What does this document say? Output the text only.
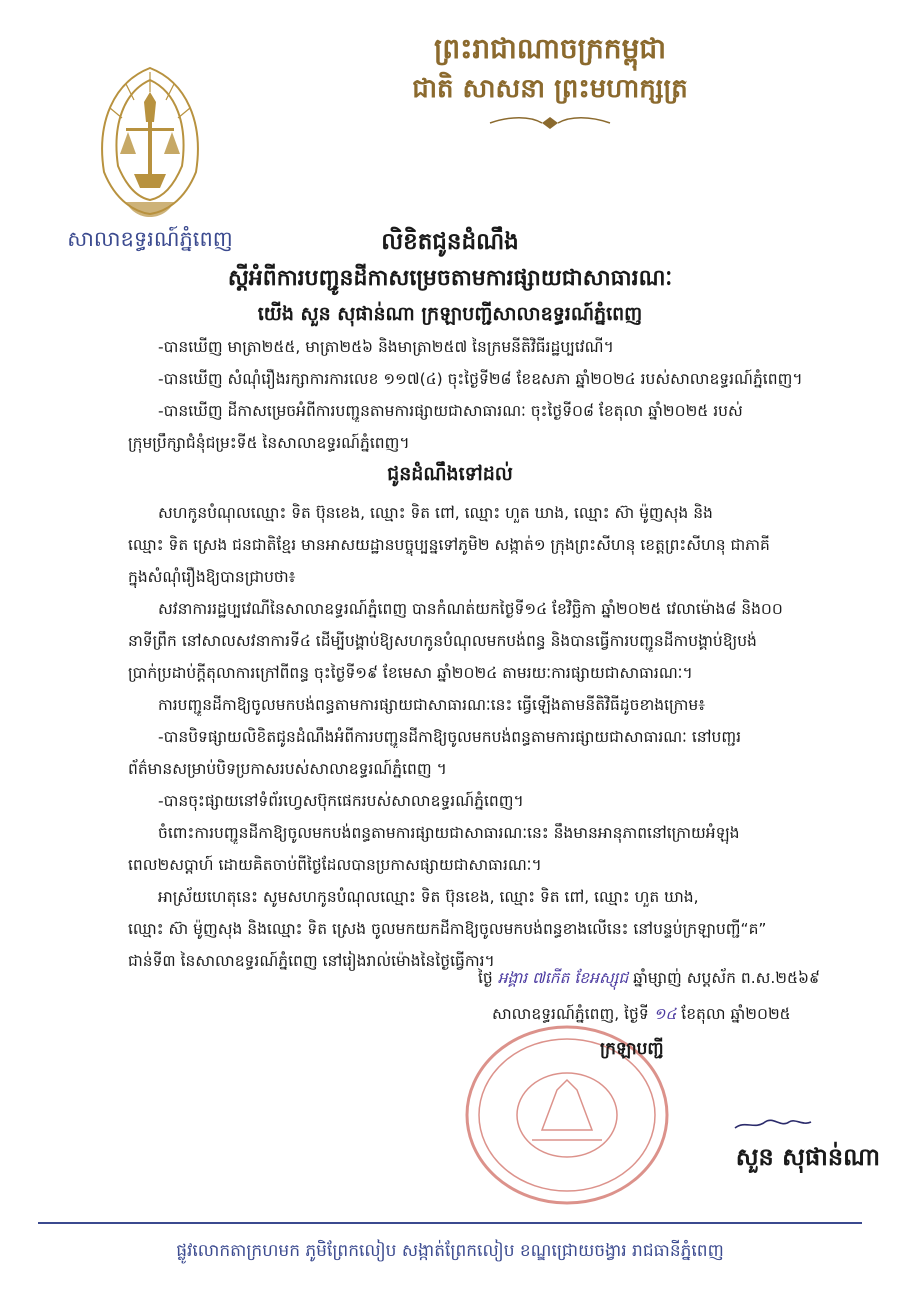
សាលាឧទ្ធរណ៍ភ្នំពេញ
ព្រះរាជាណាចក្រកម្ពុជា
ជាតិ សាសនា ព្រះមហាក្សត្រ
លិខិតជូនដំណឹង
ស្តីអំពីការបញ្ជូនដីកាសម្រេចតាមការផ្សាយជាសាធារណៈ
យើង សួន សុផាន់ណា ក្រឡាបញ្ជីសាលាឧទ្ធរណ៍ភ្នំពេញ
-បានឃើញ មាត្រា២៥៥, មាត្រា២៥៦ និងមាត្រា២៥៧ នៃក្រមនីតិវិធីរដ្ឋប្បវេណី។
-បានឃើញ សំណុំរឿងរក្សាការការលេខ ១១៧(៤) ចុះថ្ងៃទី២៨ ខែឧសភា ឆ្នាំ២០២៤ របស់សាលាឧទ្ធរណ៍ភ្នំពេញ។
-បានឃើញ ដីកាសម្រេចអំពីការបញ្ជូនតាមការផ្សាយជាសាធារណៈ ចុះថ្ងៃទី០៨ ខែតុលា ឆ្នាំ២០២៥ របស់
ក្រុមប្រឹក្សាជំនុំជម្រះទី៥ នៃសាលាឧទ្ធរណ៍ភ្នំពេញ។
ជូនដំណឹងទៅដល់
សហកូនបំណុលឈ្មោះ ទិត ប៊ុនខេង, ឈ្មោះ ទិត ពៅ, ឈ្មោះ ហួត ឃាង, ឈ្មោះ ស៊ា ម៉ូញសុង និង
ឈ្មោះ ទិត ស្រេង ជនជាតិខ្មែរ មានអាសយដ្ឋានបច្ចុប្បន្នទៅភូមិ២ សង្កាត់១ ក្រុងព្រះសីហនុ ខេត្តព្រះសីហនុ ជាភាគី
ក្នុងសំណុំរឿងឱ្យបានជ្រាបថា៖
សវនាការរដ្ឋប្បវេណីនៃសាលាឧទ្ធរណ៍ភ្នំពេញ បានកំណត់យកថ្ងៃទី១៤ ខែវិច្ឆិកា ឆ្នាំ២០២៥ វេលាម៉ោង៨ និង០០
នាទីព្រឹក នៅសាលសវនាការទី៤ ដើម្បីបង្គាប់ឱ្យសហកូនបំណុលមកបង់ពន្ធ និងបានធ្វើការបញ្ជូនដីកាបង្គាប់ឱ្យបង់
ប្រាក់ប្រដាប់ក្តីតុលាការក្រៅពីពន្ធ ចុះថ្ងៃទី១៩ ខែមេសា ឆ្នាំ២០២៤ តាមរយៈការផ្សាយជាសាធារណៈ។
ការបញ្ជូនដីកាឱ្យចូលមកបង់ពន្ធតាមការផ្សាយជាសាធារណៈនេះ ធ្វើឡើងតាមនីតិវិធីដូចខាងក្រោម៖
-បានបិទផ្សាយលិខិតជូនដំណឹងអំពីការបញ្ជូនដីកាឱ្យចូលមកបង់ពន្ធតាមការផ្សាយជាសាធារណៈ នៅបញ្ជរ
ព័ត៌មានសម្រាប់បិទប្រកាសរបស់សាលាឧទ្ធរណ៍ភ្នំពេញ ។
-បានចុះផ្សាយនៅទំព័រហ្វេសប៊ុកផេករបស់សាលាឧទ្ធរណ៍ភ្នំពេញ។
ចំពោះការបញ្ជូនដីកាឱ្យចូលមកបង់ពន្ធតាមការផ្សាយជាសាធារណៈនេះ នឹងមានអានុភាពនៅក្រោយអំឡុង
ពេល២សប្តាហ៍ ដោយគិតចាប់ពីថ្ងៃដែលបានប្រកាសផ្សាយជាសាធារណៈ។
អាស្រ័យហេតុនេះ សូមសហកូនបំណុលឈ្មោះ ទិត ប៊ុនខេង, ឈ្មោះ ទិត ពៅ, ឈ្មោះ ហួត ឃាង,
ឈ្មោះ ស៊ា ម៉ូញសុង និងឈ្មោះ ទិត ស្រេង ចូលមកយកដីកាឱ្យចូលមកបង់ពន្ធខាងលើនេះ នៅបន្ទប់ក្រឡាបញ្ជី“គ”
ជាន់ទី៣ នៃសាលាឧទ្ធរណ៍ភ្នំពេញ នៅរៀងរាល់ម៉ោងនៃថ្ងៃធ្វើការ។
ថ្ងៃ អង្គារ ៧កើត ខែអស្សុជ ឆ្នាំម្សាញ់ សប្តស័ក ព.ស.២៥៦៩
សាលាឧទ្ធរណ៍ភ្នំពេញ, ថ្ងៃទី ១៤ ខែតុលា ឆ្នាំ២០២៥
ក្រឡាបញ្ជី
សួន សុផាន់ណា
ផ្លូវលោកតាក្រហមក ភូមិព្រែកលៀប សង្កាត់ព្រែកលៀប ខណ្ឌជ្រោយចង្វារ រាជធានីភ្នំពេញ
